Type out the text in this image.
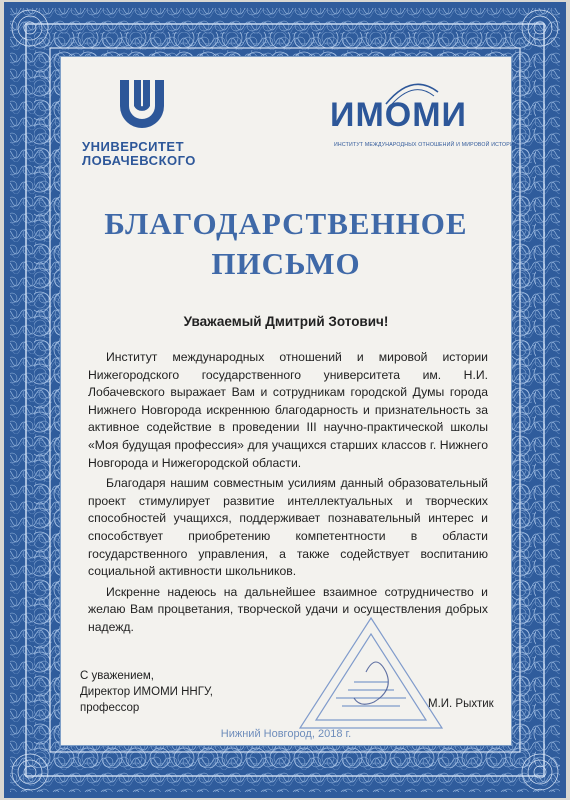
УНИВЕРСИТЕТ
ЛОБАЧЕВСКОГО
ИМОМИ
ИНСТИТУТ МЕЖДУНАРОДНЫХ ОТНОШЕНИЙ И МИРОВОЙ ИСТОРИИ
БЛАГОДАРСТВЕННОЕ
ПИСЬМО
Уважаемый Дмитрий Зотович!

Институт международных отношений и мировой истории Нижегородского государственного университета им. Н.И. Лобачевского выражает Вам и сотрудникам городской Думы города Нижнего Новгорода искреннюю благодарность и признательность за активное содействие в проведении III научно-практической школы «Моя будущая профессия» для учащихся старших классов г. Нижнего Новгорода и Нижегородской области.

Благодаря нашим совместным усилиям данный образовательный проект стимулирует развитие интеллектуальных и творческих способностей учащихся, поддерживает познавательный интерес и способствует приобретению компетентности в области государственного управления, а также содействует воспитанию социальной активности школьников.

Искренне надеюсь на дальнейшее взаимное сотрудничество и желаю Вам процветания, творческой удачи и осуществления добрых надежд.

С уважением,
Директор ИМОМИ ННГУ,
профессор	М.И. Рыхтик
Нижний Новгород, 2018 г.
